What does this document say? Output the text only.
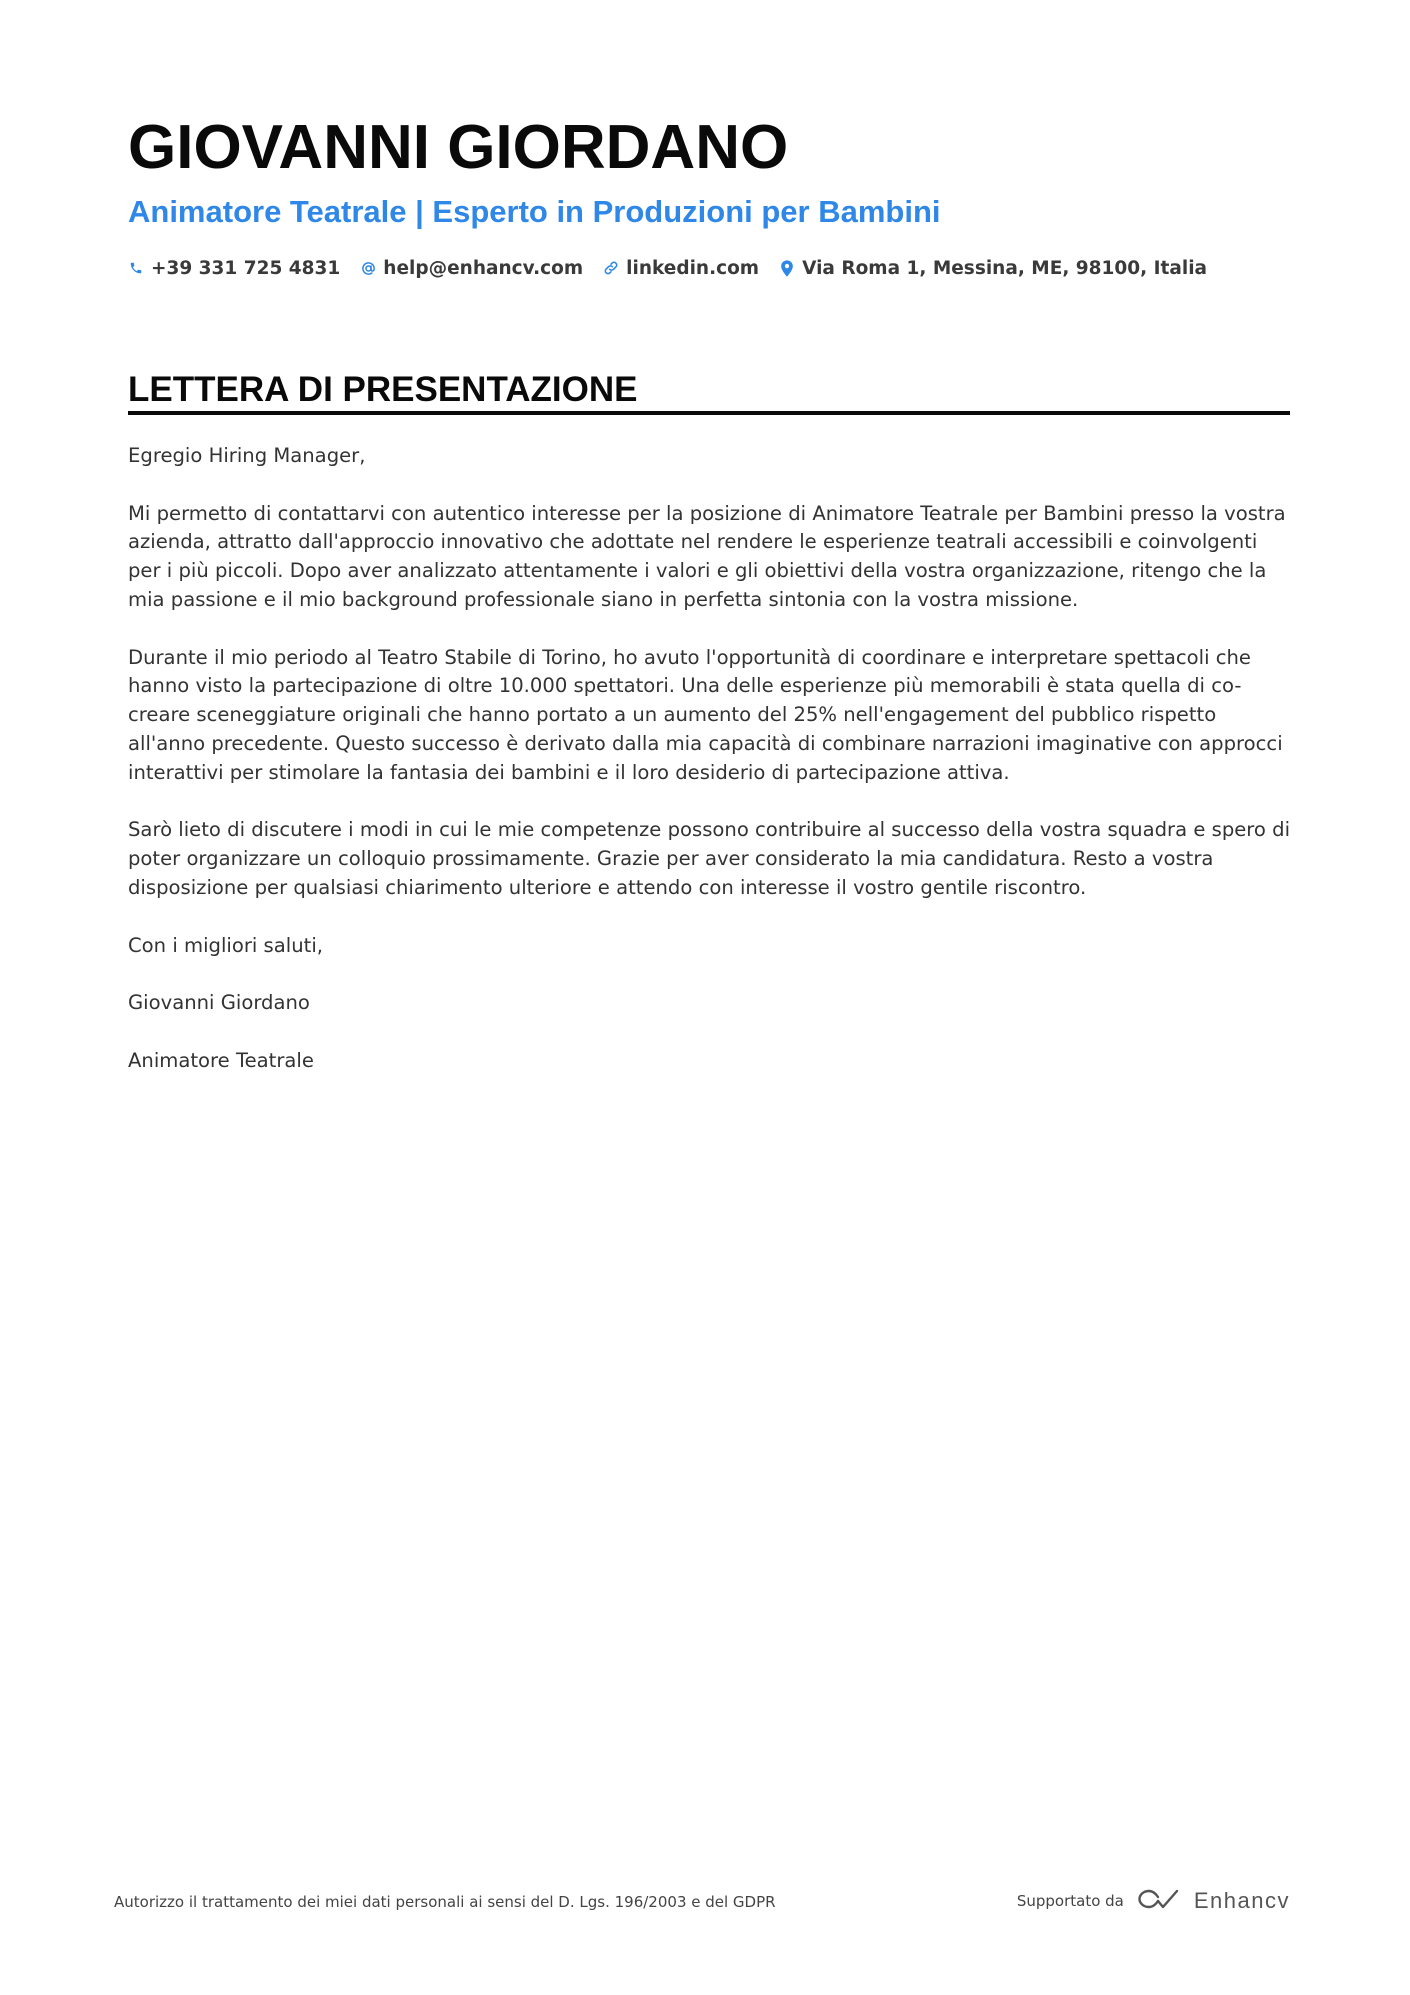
GIOVANNI GIORDANO
Animatore Teatrale | Esperto in Produzioni per Bambini
+39 331 725 4831 help@enhancv.com linkedin.com Via Roma 1, Messina, ME, 98100, Italia
LETTERA DI PRESENTAZIONE

Egregio Hiring Manager,

Mi permetto di contattarvi con autentico interesse per la posizione di Animatore Teatrale per Bambini presso la vostra azienda, attratto dall'approccio innovativo che adottate nel rendere le esperienze teatrali accessibili e coinvolgenti per i più piccoli. Dopo aver analizzato attentamente i valori e gli obiettivi della vostra organizzazione, ritengo che la mia passione e il mio background professionale siano in perfetta sintonia con la vostra missione.

Durante il mio periodo al Teatro Stabile di Torino, ho avuto l'opportunità di coordinare e interpretare spettacoli che hanno visto la partecipazione di oltre 10.000 spettatori. Una delle esperienze più memorabili è stata quella di co-creare sceneggiature originali che hanno portato a un aumento del 25% nell'engagement del pubblico rispetto all'anno precedente. Questo successo è derivato dalla mia capacità di combinare narrazioni imaginative con approcci interattivi per stimolare la fantasia dei bambini e il loro desiderio di partecipazione attiva.

Sarò lieto di discutere i modi in cui le mie competenze possono contribuire al successo della vostra squadra e spero di poter organizzare un colloquio prossimamente. Grazie per aver considerato la mia candidatura. Resto a vostra disposizione per qualsiasi chiarimento ulteriore e attendo con interesse il vostro gentile riscontro.

Con i migliori saluti,

Giovanni Giordano

Animatore Teatrale

Autorizzo il trattamento dei miei dati personali ai sensi del D. Lgs. 196/2003 e del GDPR	Supportato da	Enhancv
